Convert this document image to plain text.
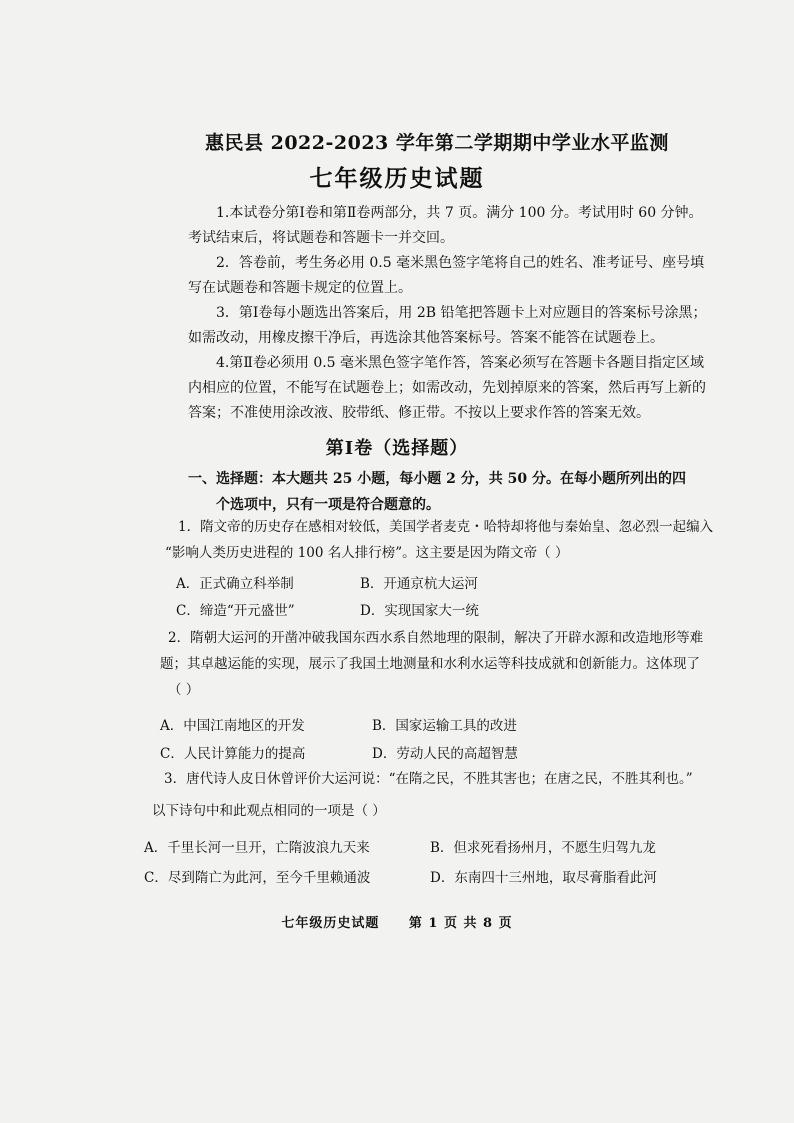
惠民县 2022-2023 学年第二学期期中学业水平监测
七年级历史试题

1.本试卷分第Ⅰ卷和第Ⅱ卷两部分，共 7 页。满分 100 分。考试用时 60 分钟。考试结束后，将试题卷和答题卡一并交回。

2．答卷前，考生务必用 0.5 毫米黑色签字笔将自己的姓名、准考证号、座号填写在试题卷和答题卡规定的位置上。

3．第Ⅰ卷每小题选出答案后，用 2B 铅笔把答题卡上对应题目的答案标号涂黑；如需改动，用橡皮擦干净后，再选涂其他答案标号。答案不能答在试题卷上。

4.第Ⅱ卷必须用 0.5 毫米黑色签字笔作答，答案必须写在答题卡各题目指定区域内相应的位置，不能写在试题卷上；如需改动，先划掉原来的答案，然后再写上新的答案；不准使用涂改液、胶带纸、修正带。不按以上要求作答的答案无效。

第Ⅰ卷（选择题）
一、选择题：本大题共 25 小题，每小题 2 分，共 50 分。在每小题所列出的四
个选项中，只有一项是符合题意的。
1．隋文帝的历史存在感相对较低，美国学者麦克・哈特却将他与秦始皇、忽必烈一起编入
“影响人类历史进程的 100 名人排行榜”。这主要是因为隋文帝（ ）
A．正式确立科举制	B．开通京杭大运河
C．缔造“开元盛世”	D．实现国家大一统
2．隋朝大运河的开凿冲破我国东西水系自然地理的限制，解决了开辟水源和改造地形等难
题；其卓越运能的实现，展示了我国土地测量和水利水运等科技成就和创新能力。这体现了
（ ）
A．中国江南地区的开发	B．国家运输工具的改进
C．人民计算能力的提高	D．劳动人民的高超智慧
3．唐代诗人皮日休曾评价大运河说：“在隋之民，不胜其害也；在唐之民，不胜其利也。”
以下诗句中和此观点相同的一项是（ ）
A．千里长河一旦开，亡隋波浪九天来	B．但求死看扬州月，不愿生归驾九龙
C．尽到隋亡为此河，至今千里赖通波	D．东南四十三州地，取尽膏脂看此河
七年级历史试题 第 1 页 共 8 页
